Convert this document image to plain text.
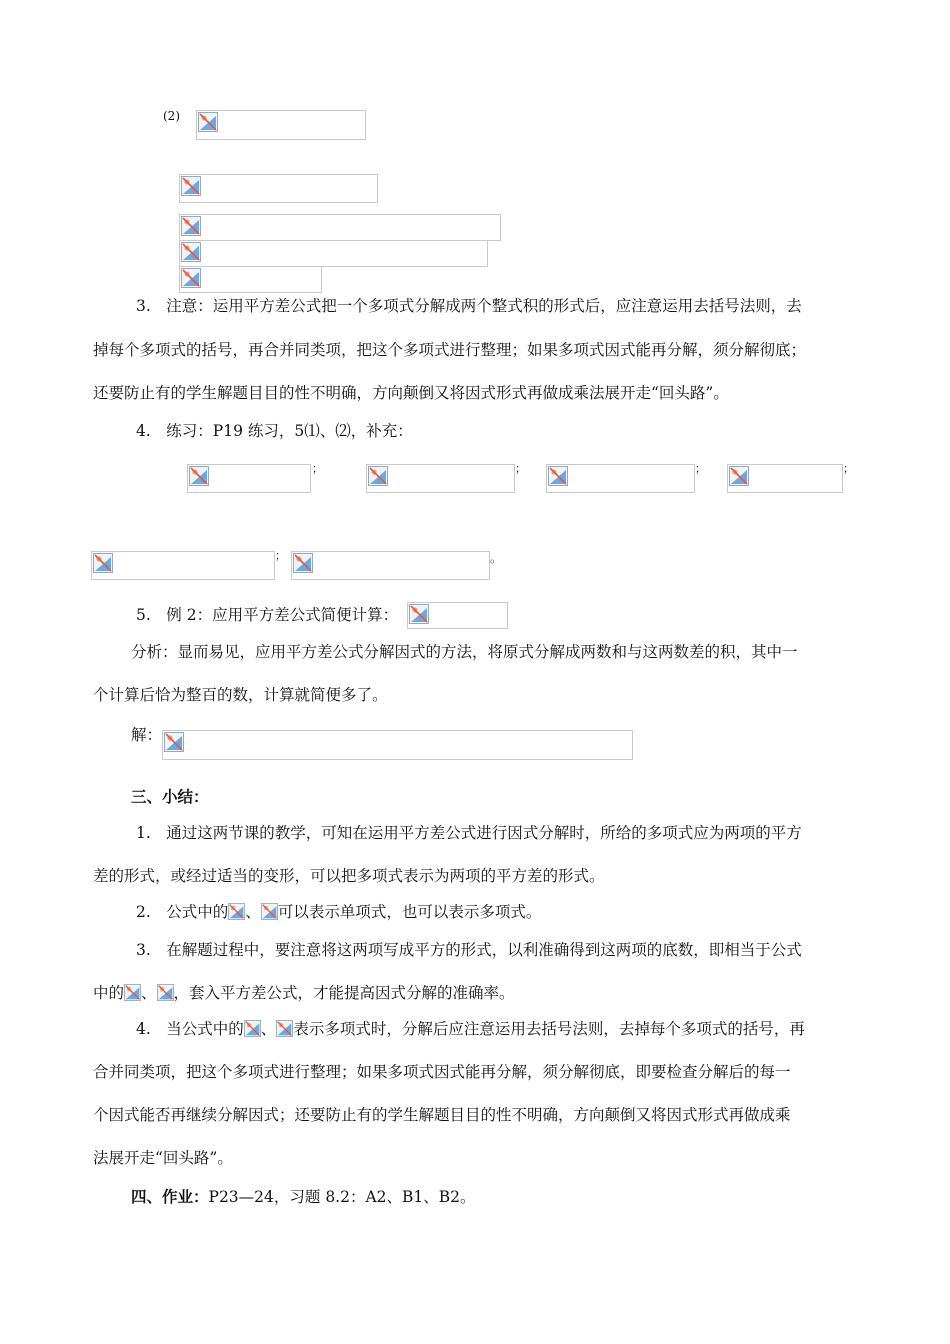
(2)
3. 注意：运用平方差公式把一个多项式分解成两个整式积的形式后，应注意运用去括号法则，去
掉每个多项式的括号，再合并同类项，把这个多项式进行整理；如果多项式因式能再分解，须分解彻底；
还要防止有的学生解题目目的性不明确，方向颠倒又将因式形式再做成乘法展开走“回头路”。
4. 练习：P19 练习，5⑴、⑵，补充：
；	；	；	；
；	。
5. 例 2：应用平方差公式简便计算：
分析：显而易见，应用平方差公式分解因式的方法，将原式分解成两数和与这两数差的积，其中一
个计算后恰为整百的数，计算就简便多了。
解：
三、小结：
1. 通过这两节课的教学，可知在运用平方差公式进行因式分解时，所给的多项式应为两项的平方
差的形式，或经过适当的变形，可以把多项式表示为两项的平方差的形式。
2. 公式中的 、 可以表示单项式，也可以表示多项式。
3. 在解题过程中，要注意将这两项写成平方的形式，以利准确得到这两项的底数，即相当于公式
中的 、 ，套入平方差公式，才能提高因式分解的准确率。
4. 当公式中的 、 表示多项式时，分解后应注意运用去括号法则，去掉每个多项式的括号，再
合并同类项，把这个多项式进行整理；如果多项式因式能再分解，须分解彻底，即要检查分解后的每一
个因式能否再继续分解因式；还要防止有的学生解题目目的性不明确，方向颠倒又将因式形式再做成乘
法展开走“回头路”。
四、作业：P23—24，习题 8.2：A2、B1、B2。
